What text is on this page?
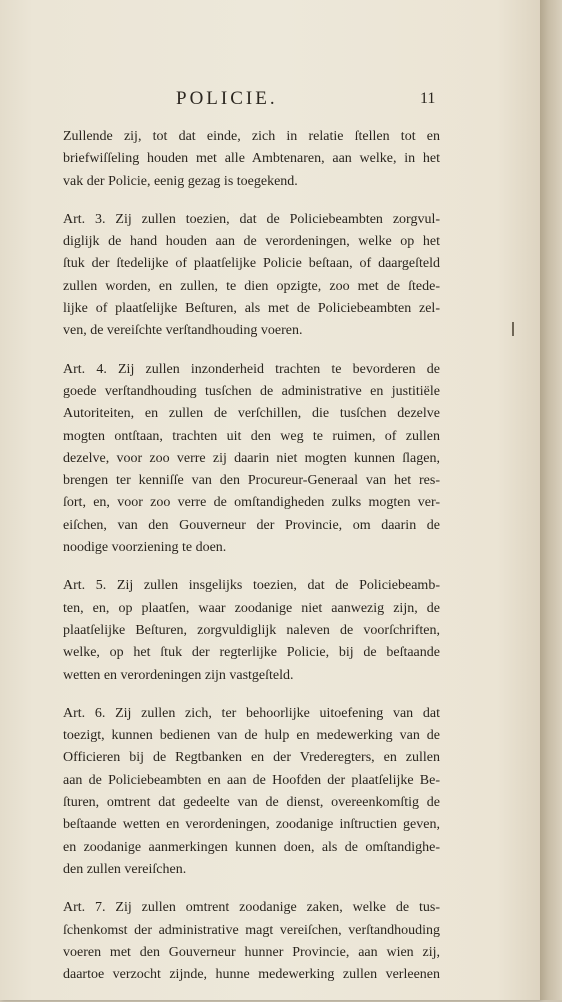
POLICIE.	11
Zullende zij, tot dat einde, zich in relatie ſtellen tot en
briefwiſſeling houden met alle Ambtenaren, aan welke, in het
vak der Policie, eenig gezag is toegekend.
Art. 3. Zij zullen toezien, dat de Policiebeambten zorgvul-
diglijk de hand houden aan de verordeningen, welke op het
ſtuk der ſtedelijke of plaatſelijke Policie beſtaan, of daargeſteld
zullen worden, en zullen, te dien opzigte, zoo met de ſtede-
lijke of plaatſelijke Beſturen, als met de Policiebeambten zel-
ven, de vereiſchte verſtandhouding voeren.
Art. 4. Zij zullen inzonderheid trachten te bevorderen de
goede verſtandhouding tusſchen de administrative en justitiële
Autoriteiten, en zullen de verſchillen, die tusſchen dezelve
mogten ontſtaan, trachten uit den weg te ruimen, of zullen
dezelve, voor zoo verre zij daarin niet mogten kunnen ſlagen,
brengen ter kenniſſe van den Procureur-Generaal van het res-
ſort, en, voor zoo verre de omſtandigheden zulks mogten ver-
eiſchen, van den Gouverneur der Provincie, om daarin de
noodige voorziening te doen.
Art. 5. Zij zullen insgelijks toezien, dat de Policiebeamb-
ten, en, op plaatſen, waar zoodanige niet aanwezig zijn, de
plaatſelijke Beſturen, zorgvuldiglijk naleven de voorſchriften,
welke, op het ſtuk der regterlijke Policie, bij de beſtaande
wetten en verordeningen zijn vastgeſteld.
Art. 6. Zij zullen zich, ter behoorlijke uitoefening van dat
toezigt, kunnen bedienen van de hulp en medewerking van de
Officieren bij de Regtbanken en der Vrederegters, en zullen
aan de Policiebeambten en aan de Hoofden der plaatſelijke Be-
ſturen, omtrent dat gedeelte van de dienst, overeenkomſtig de
beſtaande wetten en verordeningen, zoodanige inſtructien geven,
en zoodanige aanmerkingen kunnen doen, als de omſtandighe-
den zullen vereiſchen.
Art. 7. Zij zullen omtrent zoodanige zaken, welke de tus-
ſchenkomst der administrative magt vereiſchen, verſtandhouding
voeren met den Gouverneur hunner Provincie, aan wien zij,
daartoe verzocht zijnde, hunne medewerking zullen verleenen
